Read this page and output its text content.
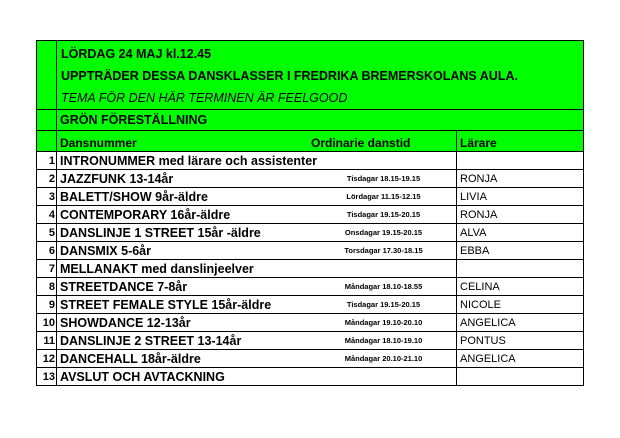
LÖRDAG 24 MAJ kl.12.45
UPPTRÄDER DESSA DANSKLASSER I FREDRIKA BREMERSKOLANS AULA.
TEMA FÖR DEN HÄR TERMINEN ÄR FEELGOOD
GRÖN FÖRESTÄLLNING
Dansnummer	Ordinarie danstid	Lärare
1 INTRONUMMER med lärare och assistenter
2 JAZZFUNK 13-14år	Tisdagar 18.15-19.15	RONJA
3 BALETT/SHOW 9år-äldre	Lördagar 11.15-12.15	LIVIA
4 CONTEMPORARY 16år-äldre	Tisdagar 19.15-20.15	RONJA
5 DANSLINJE 1 STREET 15år -äldre	Onsdagar 19.15-20.15	ALVA
6 DANSMIX 5-6år	Torsdagar 17.30-18.15	EBBA
7 MELLANAKT med danslinjeelver
8 STREETDANCE 7-8år	Måndagar 18.10-18.55	CELINA
9 STREET FEMALE STYLE 15år-äldre	Tisdagar 19.15-20.15	NICOLE
10 SHOWDANCE 12-13år	Måndagar 19.10-20.10	ANGELICA
11 DANSLINJE 2 STREET 13-14år	Måndagar 18.10-19.10	PONTUS
12 DANCEHALL 18år-äldre	Måndagar 20.10-21.10	ANGELICA
13 AVSLUT OCH AVTACKNING
